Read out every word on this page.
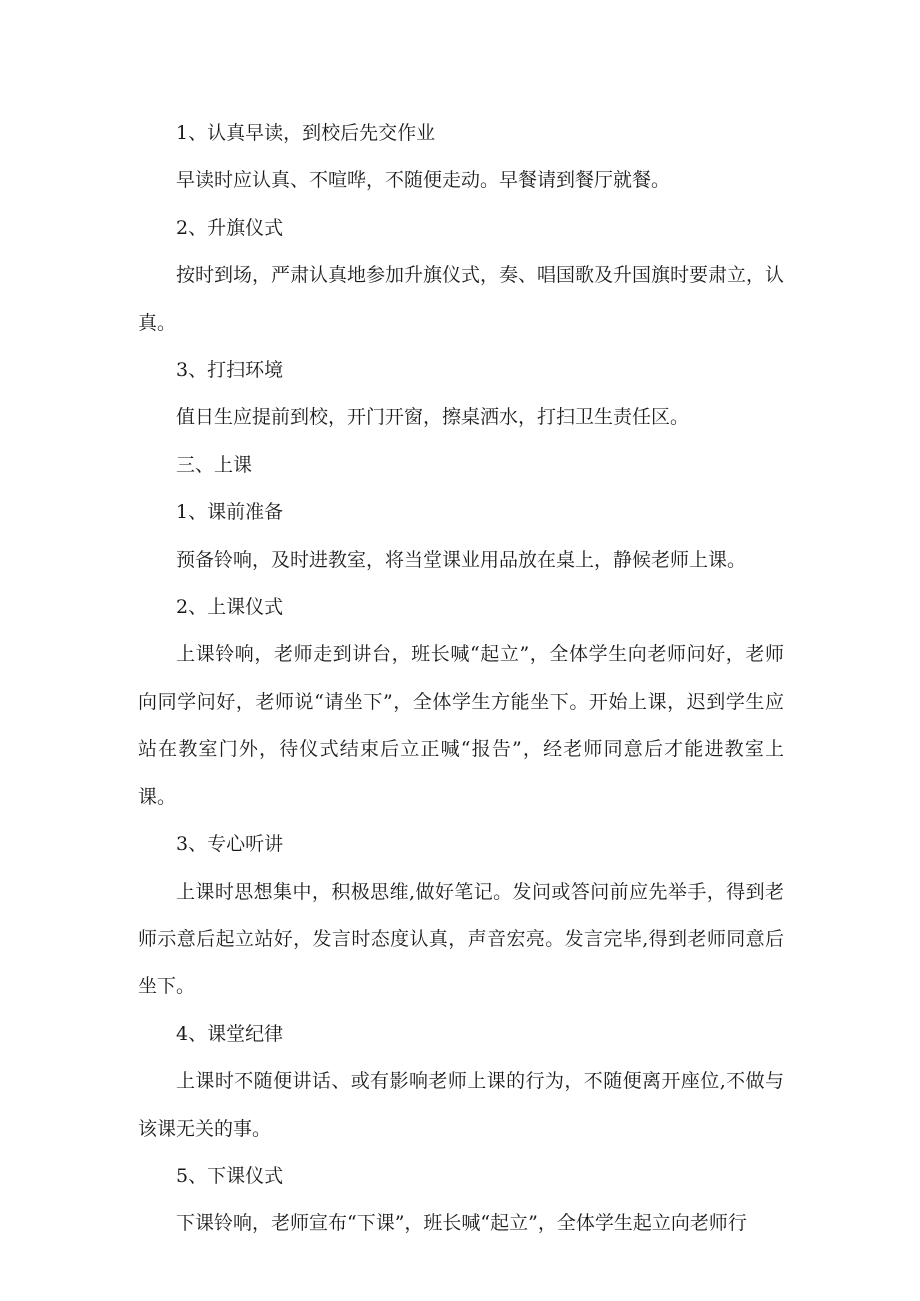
1、认真早读，到校后先交作业

早读时应认真、不喧哗，不随便走动。早餐请到餐厅就餐。

2、升旗仪式

按时到场，严肃认真地参加升旗仪式，奏、唱国歌及升国旗时要肃立，认真。

3、打扫环境

值日生应提前到校，开门开窗，擦桌洒水，打扫卫生责任区。

三、上课

1、课前准备

预备铃响，及时进教室，将当堂课业用品放在桌上，静候老师上课。

2、上课仪式

上课铃响，老师走到讲台，班长喊“起立”，全体学生向老师问好，老师向同学问好，老师说“请坐下”，全体学生方能坐下。开始上课，迟到学生应站在教室门外，待仪式结束后立正喊“报告”，经老师同意后才能进教室上课。

3、专心听讲

上课时思想集中，积极思维,做好笔记。发问或答问前应先举手，得到老师示意后起立站好，发言时态度认真，声音宏亮。发言完毕,得到老师同意后坐下。

4、课堂纪律

上课时不随便讲话、或有影响老师上课的行为，不随便离开座位,不做与该课无关的事。

5、下课仪式

下课铃响，老师宣布“下课”，班长喊“起立”，全体学生起立向老师行
